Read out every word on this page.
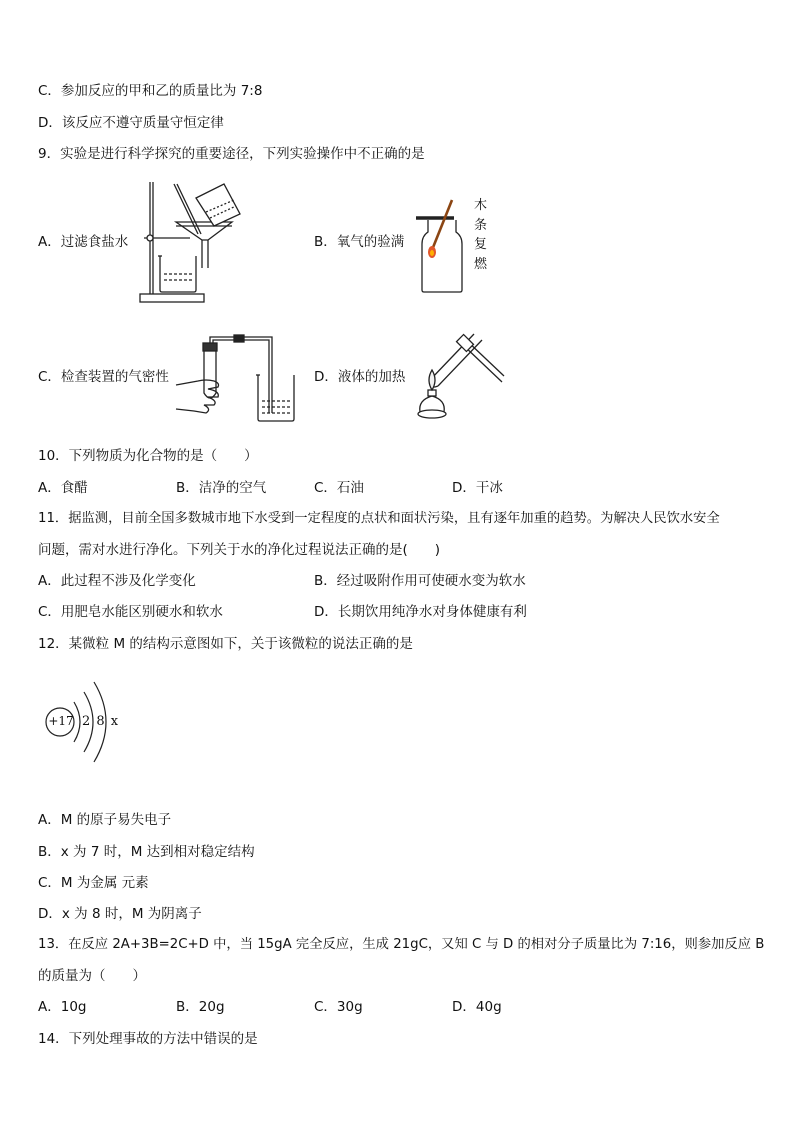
C．参加反应的甲和乙的质量比为 7:8
D．该反应不遵守质量守恒定律
9．实验是进行科学探究的重要途径，下列实验操作中不正确的是
A．过滤食盐水	B．氧气的验满
木
条
复
燃
C．检查装置的气密性	D．液体的加热
10．下列物质为化合物的是（　　）
A．食醋	B．洁净的空气	C．石油	D．干冰
11．据监测，目前全国多数城市地下水受到一定程度的点状和面状污染，且有逐年加重的趋势。为解决人民饮水安全
问题，需对水进行净化。下列关于水的净化过程说法正确的是(　　)
A．此过程不涉及化学变化	B．经过吸附作用可使硬水变为软水
C．用肥皂水能区别硬水和软水	D．长期饮用纯净水对身体健康有利
12．某微粒 M 的结构示意图如下，关于该微粒的说法正确的是
+17 2 8 x
A．M 的原子易失电子
B．x 为 7 时，M 达到相对稳定结构
C．M 为金属 元素
D．x 为 8 时，M 为阴离子
13．在反应 2A+3B=2C+D 中，当 15gA 完全反应，生成 21gC，又知 C 与 D 的相对分子质量比为 7:16，则参加反应 B
的质量为（　　）
A．10g	B．20g	C．30g	D．40g
14．下列处理事故的方法中错误的是
